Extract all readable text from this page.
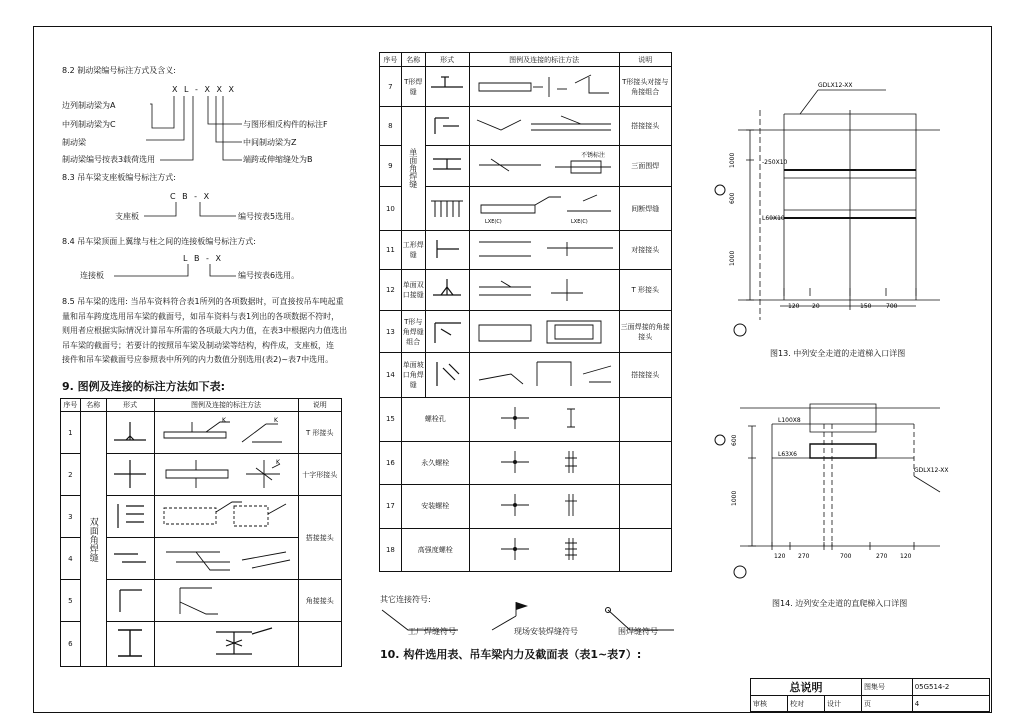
8.2 制动梁编号标注方式及含义:
X L - X X X
边列制动梁为A
中列制动梁为C
制动梁
制动梁编号按表3载荷选用
与图形相反构件的标注F
中间制动梁为Z
端跨或伸缩缝处为B
8.3 吊车梁支座板编号标注方式:
C B - X
支座板	编号按表5选用。
8.4 吊车梁顶面上翼缘与柱之间的连接板编号标注方式:
L B - X
连接板	编号按表6选用。
8.5 吊车梁的选用: 当吊车资料符合表1所列的各项数据时，可直接按吊车吨起重
量和吊车跨度选用吊车梁的截面号，如吊车资料与表1列出的各项数据不符时，
则用者应根据实际情况计算吊车所需的各项最大内力值，在表3中根据内力值选出
吊车梁的截面号；若要计的按照吊车梁及制动梁等结构，构件成，支座板，连
接件和吊车梁截面号应参照表中所列的内力数值分别选用(表2)~表7中选用。
9. 图例及连接的标注方法如下表:
序号	名称	形式	图例及连接的标注方法	说明
1	双面角焊缝		K K	T 形接头
2			K	十字形接头
3				搭接接头
4		
5				角接接头
6			
序号	名称	形式	图例及连接的标注方法	说明
7	T形焊缝			T形接头对接与角接组合
8	单面角焊缝			搭接接头
9			不锈标注	三面围焊
10			LXE(C) LXE(C)	间断焊缝
11	工形焊缝			对接接头
12	单面双口接缝			T 形接头
13	T形与角焊缝组合			三面焊接的角接接头
14	单面坡口角焊缝			搭接接头
15	螺栓孔		
16	永久螺栓		
17	安装螺栓		
18	高强度螺栓		
其它连接符号:
工厂焊缝符号	现场安装焊缝符号	围焊缝符号
10. 构件选用表、吊车梁内力及截面表（表1~表7）:
GDLX12-XX
-250X10
L60X10
1000
600
1000
120 20	150 700
图13. 中列安全走道的走道梯入口详图
L100X8
L63X6
GDLX12-XX
600
1000
120 270	700	270 120
图14. 边列安全走道的直爬梯入口详图
总说明			图集号	05G514-2
审核	校对	设计	页	4
